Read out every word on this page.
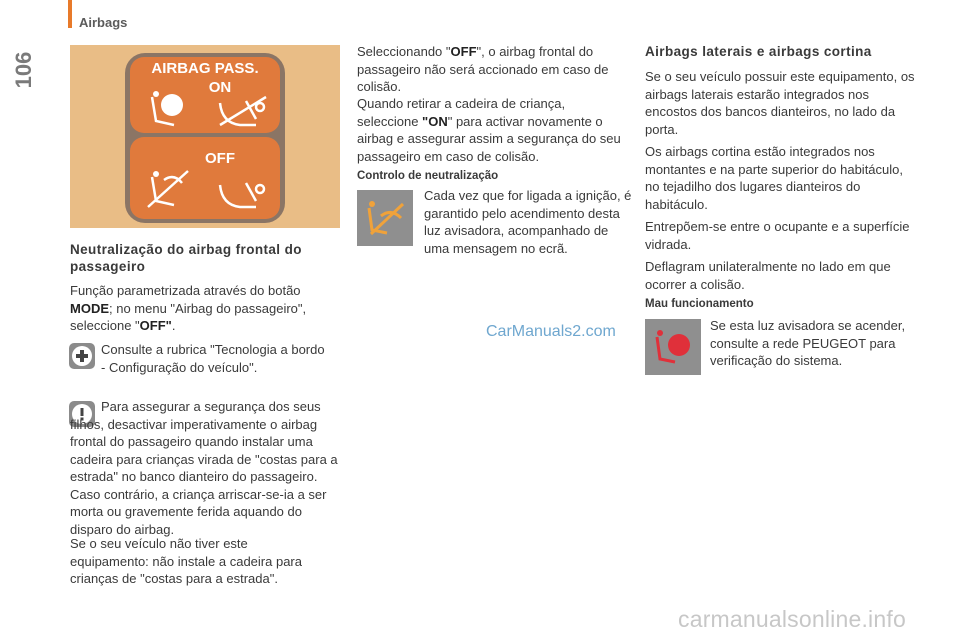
106
Airbags
AIRBAG PASS.
ON
OFF
Neutralização do airbag frontal do passageiro
Função parametrizada através do botão MODE; no menu "Airbag do passageiro", seleccione "OFF".
Consulte a rubrica "Tecnologia a bordo - Configuração do veículo".
Para assegurar a segurança dos seus filhos, desactivar imperativamente o airbag frontal do passageiro quando instalar uma cadeira para crianças virada de "costas para a estrada" no banco dianteiro do passageiro. Caso contrário, a criança arriscar-se-ia a ser morta ou gravemente ferida aquando do disparo do airbag.
Se o seu veículo não tiver este equipamento: não instale a cadeira para crianças de "costas para a estrada".
Seleccionando "OFF", o airbag frontal do passageiro não será accionado em caso de colisão.
Quando retirar a cadeira de criança, seleccione "ON" para activar novamente o airbag e assegurar assim a segurança do seu passageiro em caso de colisão.
Controlo de neutralização
Cada vez que for ligada a ignição, é garantido pelo acendimento desta luz avisadora, acompanhado de uma mensagem no ecrã.
Airbags laterais e airbags cortina

Se o seu veículo possuir este equipamento, os airbags laterais estarão integrados nos encostos dos bancos dianteiros, no lado da porta.

Os airbags cortina estão integrados nos montantes e na parte superior do habitáculo, no tejadilho dos lugares dianteiros do habitáculo.

Entrepõem-se entre o ocupante e a superfície vidrada.

Deflagram unilateralmente no lado em que ocorrer a colisão.

Mau funcionamento
Se esta luz avisadora se acender, consulte a rede PEUGEOT para verificação do sistema.
CarManuals2.com
carmanualsonline.info
